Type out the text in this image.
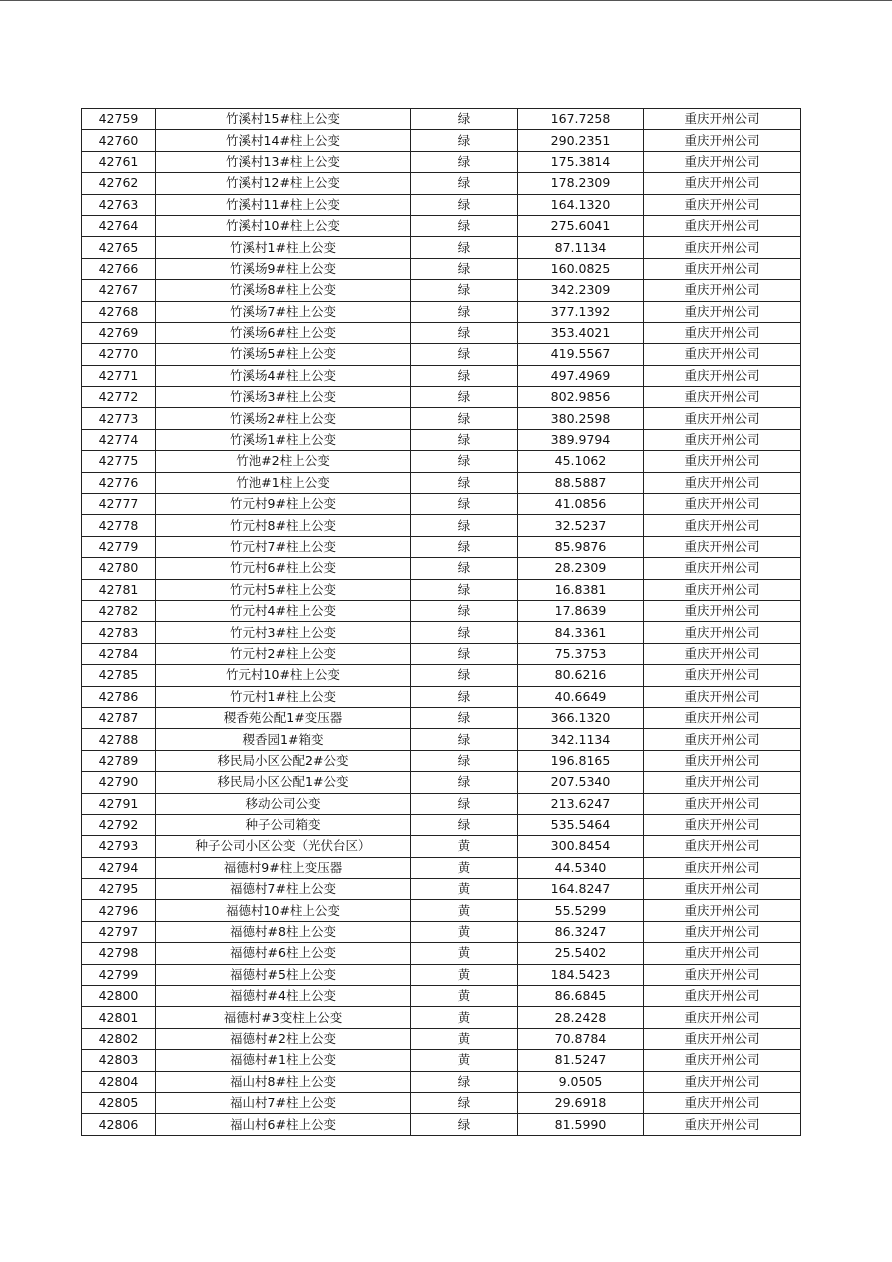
42759	竹溪村15#柱上公变	绿	167.7258	重庆开州公司
42760	竹溪村14#柱上公变	绿	290.2351	重庆开州公司
42761	竹溪村13#柱上公变	绿	175.3814	重庆开州公司
42762	竹溪村12#柱上公变	绿	178.2309	重庆开州公司
42763	竹溪村11#柱上公变	绿	164.1320	重庆开州公司
42764	竹溪村10#柱上公变	绿	275.6041	重庆开州公司
42765	竹溪村1#柱上公变	绿	87.1134	重庆开州公司
42766	竹溪场9#柱上公变	绿	160.0825	重庆开州公司
42767	竹溪场8#柱上公变	绿	342.2309	重庆开州公司
42768	竹溪场7#柱上公变	绿	377.1392	重庆开州公司
42769	竹溪场6#柱上公变	绿	353.4021	重庆开州公司
42770	竹溪场5#柱上公变	绿	419.5567	重庆开州公司
42771	竹溪场4#柱上公变	绿	497.4969	重庆开州公司
42772	竹溪场3#柱上公变	绿	802.9856	重庆开州公司
42773	竹溪场2#柱上公变	绿	380.2598	重庆开州公司
42774	竹溪场1#柱上公变	绿	389.9794	重庆开州公司
42775	竹池#2柱上公变	绿	45.1062	重庆开州公司
42776	竹池#1柱上公变	绿	88.5887	重庆开州公司
42777	竹元村9#柱上公变	绿	41.0856	重庆开州公司
42778	竹元村8#柱上公变	绿	32.5237	重庆开州公司
42779	竹元村7#柱上公变	绿	85.9876	重庆开州公司
42780	竹元村6#柱上公变	绿	28.2309	重庆开州公司
42781	竹元村5#柱上公变	绿	16.8381	重庆开州公司
42782	竹元村4#柱上公变	绿	17.8639	重庆开州公司
42783	竹元村3#柱上公变	绿	84.3361	重庆开州公司
42784	竹元村2#柱上公变	绿	75.3753	重庆开州公司
42785	竹元村10#柱上公变	绿	80.6216	重庆开州公司
42786	竹元村1#柱上公变	绿	40.6649	重庆开州公司
42787	稷香苑公配1#变压器	绿	366.1320	重庆开州公司
42788	稷香园1#箱变	绿	342.1134	重庆开州公司
42789	移民局小区公配2#公变	绿	196.8165	重庆开州公司
42790	移民局小区公配1#公变	绿	207.5340	重庆开州公司
42791	移动公司公变	绿	213.6247	重庆开州公司
42792	种子公司箱变	绿	535.5464	重庆开州公司
42793	种子公司小区公变（光伏台区）	黄	300.8454	重庆开州公司
42794	福德村9#柱上变压器	黄	44.5340	重庆开州公司
42795	福德村7#柱上公变	黄	164.8247	重庆开州公司
42796	福德村10#柱上公变	黄	55.5299	重庆开州公司
42797	福德村#8柱上公变	黄	86.3247	重庆开州公司
42798	福德村#6柱上公变	黄	25.5402	重庆开州公司
42799	福德村#5柱上公变	黄	184.5423	重庆开州公司
42800	福德村#4柱上公变	黄	86.6845	重庆开州公司
42801	福德村#3变柱上公变	黄	28.2428	重庆开州公司
42802	福德村#2柱上公变	黄	70.8784	重庆开州公司
42803	福德村#1柱上公变	黄	81.5247	重庆开州公司
42804	福山村8#柱上公变	绿	9.0505	重庆开州公司
42805	福山村7#柱上公变	绿	29.6918	重庆开州公司
42806	福山村6#柱上公变	绿	81.5990	重庆开州公司
